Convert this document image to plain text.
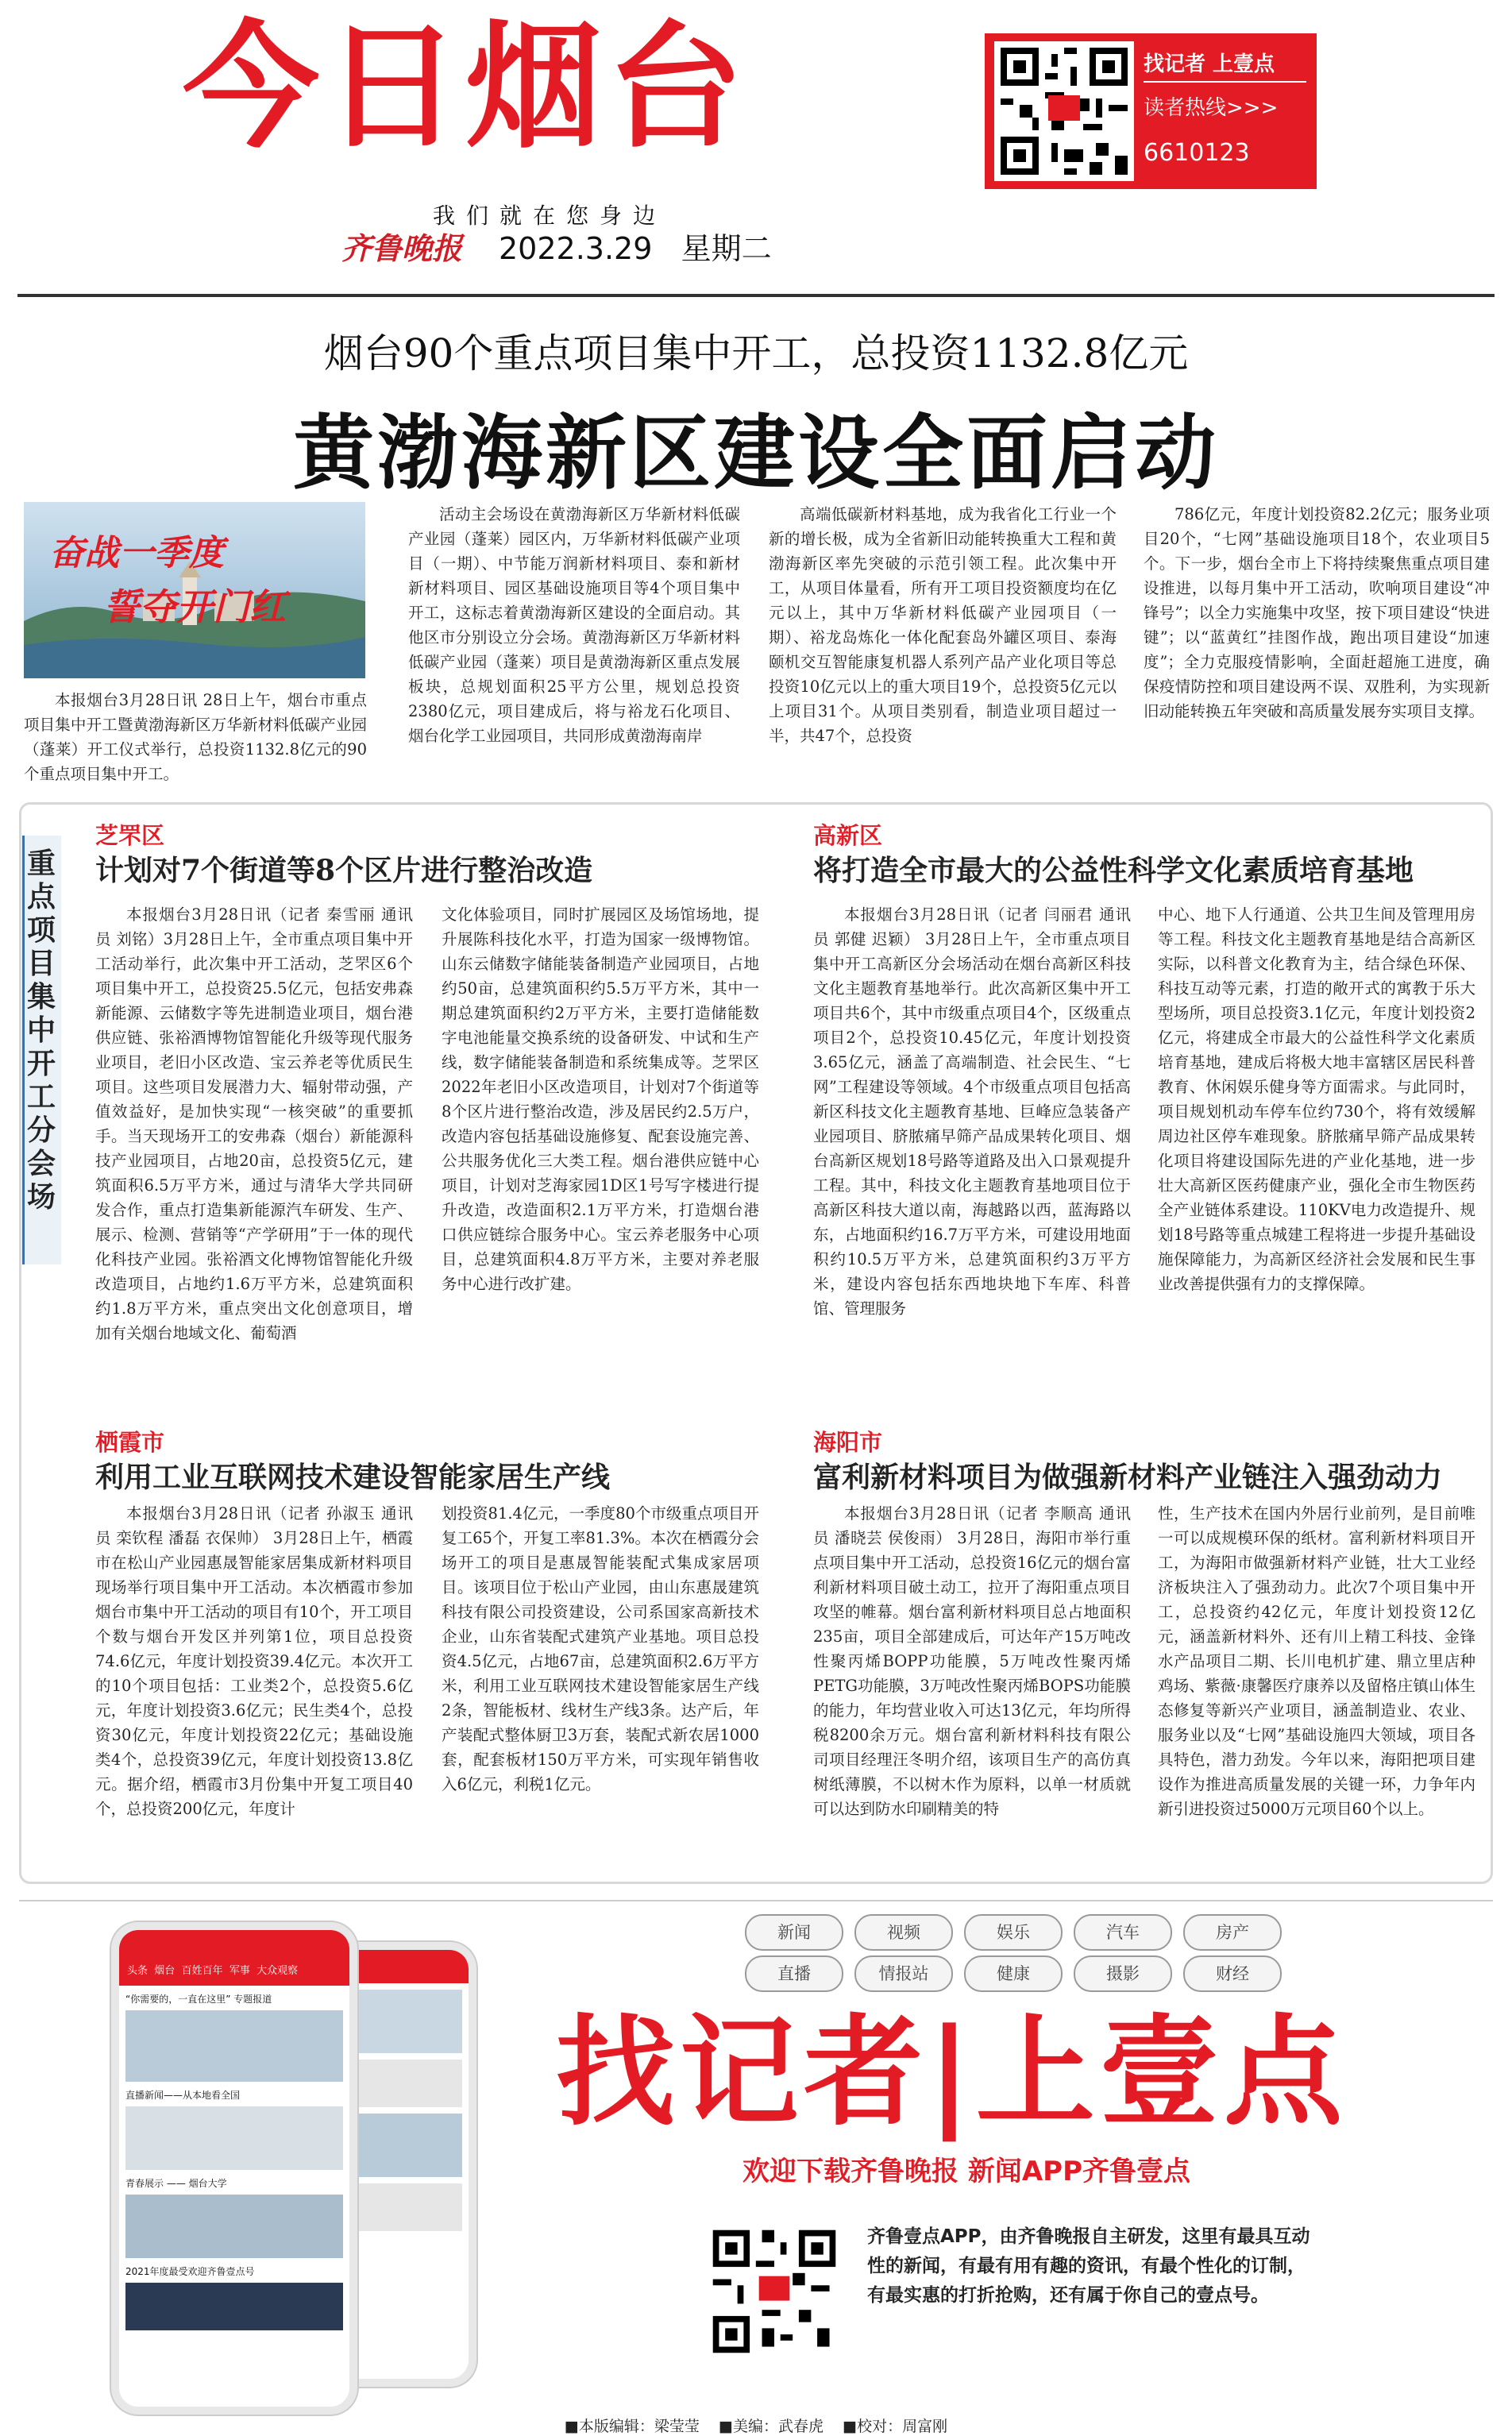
今日烟台
我们就在您身边
齐鲁晚报 2022.3.29 星期二
找记者 上壹点
读者热线>>>
6610123
烟台90个重点项目集中开工，总投资1132.8亿元
黄渤海新区建设全面启动
奋战一季度
誓夺开门红

本报烟台3月28日讯 28日上午，烟台市重点项目集中开工暨黄渤海新区万华新材料低碳产业园（蓬莱）开工仪式举行，总投资1132.8亿元的90个重点项目集中开工。

活动主会场设在黄渤海新区万华新材料低碳产业园（蓬莱）园区内，万华新材料低碳产业项目（一期）、中节能万润新材料项目、泰和新材新材料项目、园区基础设施项目等4个项目集中开工，这标志着黄渤海新区建设的全面启动。其他区市分别设立分会场。黄渤海新区万华新材料低碳产业园（蓬莱）项目是黄渤海新区重点发展板块，总规划面积25平方公里，规划总投资2380亿元，项目建成后，将与裕龙石化项目、烟台化学工业园项目，共同形成黄渤海南岸

高端低碳新材料基地，成为我省化工行业一个新的增长极，成为全省新旧动能转换重大工程和黄渤海新区率先突破的示范引领工程。此次集中开工，从项目体量看，所有开工项目投资额度均在亿元以上，其中万华新材料低碳产业园项目（一期）、裕龙岛炼化一体化配套岛外罐区项目、泰海颐机交互智能康复机器人系列产品产业化项目等总投资10亿元以上的重大项目19个，总投资5亿元以上项目31个。从项目类别看，制造业项目超过一半，共47个，总投资

786亿元，年度计划投资82.2亿元；服务业项目20个，“七网”基础设施项目18个，农业项目5个。下一步，烟台全市上下将持续聚焦重点项目建设推进，以每月集中开工活动，吹响项目建设“冲锋号”；以全力实施集中攻坚，按下项目建设“快进键”；以“蓝黄红”挂图作战，跑出项目建设“加速度”；全力克服疫情影响，全面赶超施工进度，确保疫情防控和项目建设两不误、双胜利，为实现新旧动能转换五年突破和高质量发展夯实项目支撑。

重点项目集中开工分会场
芝罘区
计划对7个街道等8个区片进行整治改造

本报烟台3月28日讯（记者 秦雪丽 通讯员 刘铭）3月28日上午，全市重点项目集中开工活动举行，此次集中开工活动，芝罘区6个项目集中开工，总投资25.5亿元，包括安弗森新能源、云储数字等先进制造业项目，烟台港供应链、张裕酒博物馆智能化升级等现代服务业项目，老旧小区改造、宝云养老等优质民生项目。这些项目发展潜力大、辐射带动强，产值效益好，是加快实现“一核突破”的重要抓手。当天现场开工的安弗森（烟台）新能源科技产业园项目，占地20亩，总投资5亿元，建筑面积6.5万平方米，通过与清华大学共同研发合作，重点打造集新能源汽车研发、生产、展示、检测、营销等“产学研用”于一体的现代化科技产业园。张裕酒文化博物馆智能化升级改造项目，占地约1.6万平方米，总建筑面积约1.8万平方米，重点突出文化创意项目，增加有关烟台地域文化、葡萄酒

文化体验项目，同时扩展园区及场馆场地，提升展陈科技化水平，打造为国家一级博物馆。山东云储数字储能装备制造产业园项目，占地约50亩，总建筑面积约5.5万平方米，其中一期总建筑面积约2万平方米，主要打造储能数字电池能量交换系统的设备研发、中试和生产线，数字储能装备制造和系统集成等。芝罘区2022年老旧小区改造项目，计划对7个街道等8个区片进行整治改造，涉及居民约2.5万户，改造内容包括基础设施修复、配套设施完善、公共服务优化三大类工程。烟台港供应链中心项目，计划对芝海家园1D区1号写字楼进行提升改造，改造面积2.1万平方米，打造烟台港口供应链综合服务中心。宝云养老服务中心项目，总建筑面积4.8万平方米，主要对养老服务中心进行改扩建。

高新区
将打造全市最大的公益性科学文化素质培育基地

本报烟台3月28日讯（记者 闫丽君 通讯员 郭健 迟颖） 3月28日上午，全市重点项目集中开工高新区分会场活动在烟台高新区科技文化主题教育基地举行。此次高新区集中开工项目共6个，其中市级重点项目4个，区级重点项目2个，总投资10.45亿元，年度计划投资3.65亿元，涵盖了高端制造、社会民生、“七网”工程建设等领域。4个市级重点项目包括高新区科技文化主题教育基地、巨峰应急装备产业园项目、脐脓痛早筛产品成果转化项目、烟台高新区规划18号路等道路及出入口景观提升工程。其中，科技文化主题教育基地项目位于高新区科技大道以南，海越路以西，蓝海路以东，占地面积约16.7万平方米，可建设用地面积约10.5万平方米，总建筑面积约3万平方米，建设内容包括东西地块地下车库、科普馆、管理服务

中心、地下人行通道、公共卫生间及管理用房等工程。科技文化主题教育基地是结合高新区实际，以科普文化教育为主，结合绿色环保、科技互动等元素，打造的敞开式的寓教于乐大型场所，项目总投资3.1亿元，年度计划投资2亿元，将建成全市最大的公益性科学文化素质培育基地，建成后将极大地丰富辖区居民科普教育、休闲娱乐健身等方面需求。与此同时，项目规划机动车停车位约730个，将有效缓解周边社区停车难现象。脐脓痛早筛产品成果转化项目将建设国际先进的产业化基地，进一步壮大高新区医药健康产业，强化全市生物医药全产业链体系建设。110KV电力改造提升、规划18号路等重点城建工程将进一步提升基础设施保障能力，为高新区经济社会发展和民生事业改善提供强有力的支撑保障。

栖霞市
利用工业互联网技术建设智能家居生产线

本报烟台3月28日讯（记者 孙淑玉 通讯员 栾钦程 潘磊 衣保帅） 3月28日上午，栖霞市在松山产业园惠晟智能家居集成新材料项目现场举行项目集中开工活动。本次栖霞市参加烟台市集中开工活动的项目有10个，开工项目个数与烟台开发区并列第1位，项目总投资74.6亿元，年度计划投资39.4亿元。本次开工的10个项目包括：工业类2个，总投资5.6亿元，年度计划投资3.6亿元；民生类4个，总投资30亿元，年度计划投资22亿元；基础设施类4个，总投资39亿元，年度计划投资13.8亿元。据介绍，栖霞市3月份集中开复工项目40个，总投资200亿元，年度计

划投资81.4亿元，一季度80个市级重点项目开复工65个，开复工率81.3%。本次在栖霞分会场开工的项目是惠晟智能装配式集成家居项目。该项目位于松山产业园，由山东惠晟建筑科技有限公司投资建设，公司系国家高新技术企业，山东省装配式建筑产业基地。项目总投资4.5亿元，占地67亩，总建筑面积2.6万平方米，利用工业互联网技术建设智能家居生产线2条，智能板材、线材生产线3条。达产后，年产装配式整体厨卫3万套，装配式新农居1000套，配套板材150万平方米，可实现年销售收入6亿元，利税1亿元。

海阳市
富利新材料项目为做强新材料产业链注入强劲动力

本报烟台3月28日讯（记者 李顺高 通讯员 潘晓芸 侯俊雨） 3月28日，海阳市举行重点项目集中开工活动，总投资16亿元的烟台富利新材料项目破土动工，拉开了海阳重点项目攻坚的帷幕。烟台富利新材料项目总占地面积235亩，项目全部建成后，可达年产15万吨改性聚丙烯BOPP功能膜，5万吨改性聚丙烯PETG功能膜，3万吨改性聚丙烯BOPS功能膜的能力，年均营业收入可达13亿元，年均所得税8200余万元。烟台富利新材料科技有限公司项目经理汪冬明介绍，该项目生产的高仿真树纸薄膜，不以树木作为原料，以单一材质就可以达到防水印刷精美的特

性，生产技术在国内外居行业前列，是目前唯一可以成规模环保的纸材。富利新材料项目开工，为海阳市做强新材料产业链，壮大工业经济板块注入了强劲动力。此次7个项目集中开工，总投资约42亿元，年度计划投资12亿元，涵盖新材料外、还有川上精工科技、金锋水产品项目二期、长川电机扩建、鼎立里店种鸡场、紫薇·康馨医疗康养以及留格庄镇山体生态修复等新兴产业项目，涵盖制造业、农业、服务业以及“七网”基础设施四大领域，项目各具特色，潜力劲发。今年以来，海阳把项目建设作为推进高质量发展的关键一环，力争年内新引进投资过5000万元项目60个以上。

头条 烟台 百姓百年 军事 大众观察
“你需要的，一直在这里” 专题报道
直播新闻——从本地看全国
青春展示 —— 烟台大学
2021年度最受欢迎齐鲁壹点号
新闻	视频	娱乐	汽车	房产
直播	情报站	健康	摄影	财经
找记者|上壹点
欢迎下载齐鲁晚报 新闻APP齐鲁壹点
齐鲁壹点APP，由齐鲁晚报自主研发，这里有最具互动性的新闻，有最有用有趣的资讯，有最个性化的订制，有最实惠的打折抢购，还有属于你自己的壹点号。
■本版编辑：梁莹莹 ■美编：武春虎 ■校对：周富刚
